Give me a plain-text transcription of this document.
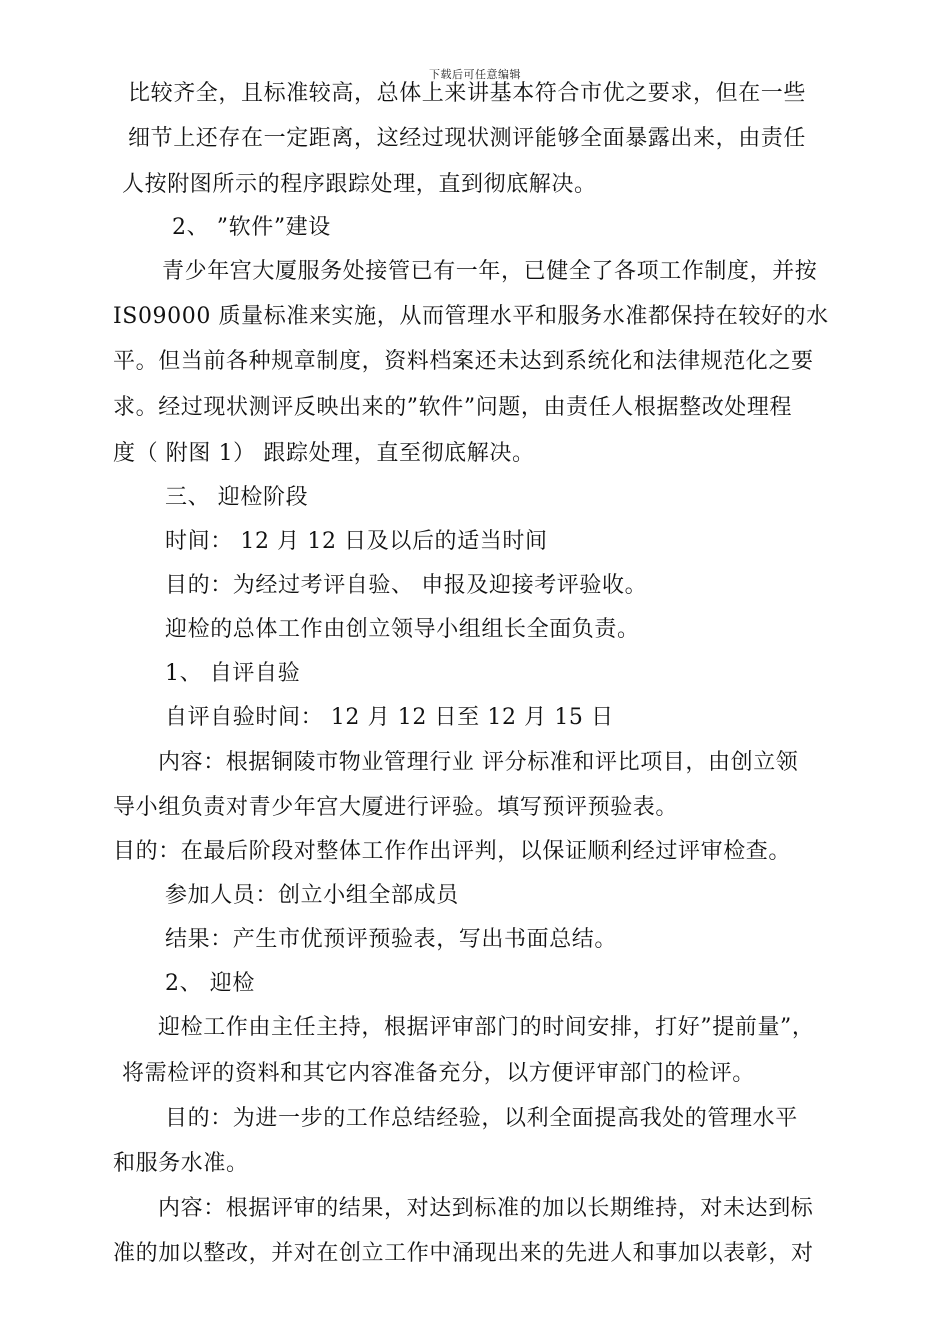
下载后可任意编辑
比较齐全，且标准较高，总体上来讲基本符合市优之要求，但在一些
细节上还存在一定距离，这经过现状测评能够全面暴露出来，由责任
人按附图所示的程序跟踪处理，直到彻底解决。
2、 ”软件”建设
青少年宫大厦服务处接管已有一年，已健全了各项工作制度，并按
IS09000 质量标准来实施，从而管理水平和服务水准都保持在较好的水
平。但当前各种规章制度，资料档案还未达到系统化和法律规范化之要
求。经过现状测评反映出来的”软件”问题，由责任人根据整改处理程
度（ 附图 1） 跟踪处理，直至彻底解决。
三、 迎检阶段
时间： 12 月 12 日及以后的适当时间
目的：为经过考评自验、 申报及迎接考评验收。
迎检的总体工作由创立领导小组组长全面负责。
1、 自评自验
自评自验时间： 12 月 12 日至 12 月 15 日
内容：根据铜陵市物业管理行业 评分标准和评比项目，由创立领
导小组负责对青少年宫大厦进行评验。填写预评预验表。
目的：在最后阶段对整体工作作出评判，以保证顺利经过评审检查。
参加人员：创立小组全部成员
结果：产生市优预评预验表，写出书面总结。
2、 迎检
迎检工作由主任主持，根据评审部门的时间安排，打好”提前量”，
将需检评的资料和其它内容准备充分，以方便评审部门的检评。
目的：为进一步的工作总结经验，以利全面提高我处的管理水平
和服务水准。
内容：根据评审的结果，对达到标准的加以长期维持，对未达到标
准的加以整改，并对在创立工作中涌现出来的先进人和事加以表彰，对
